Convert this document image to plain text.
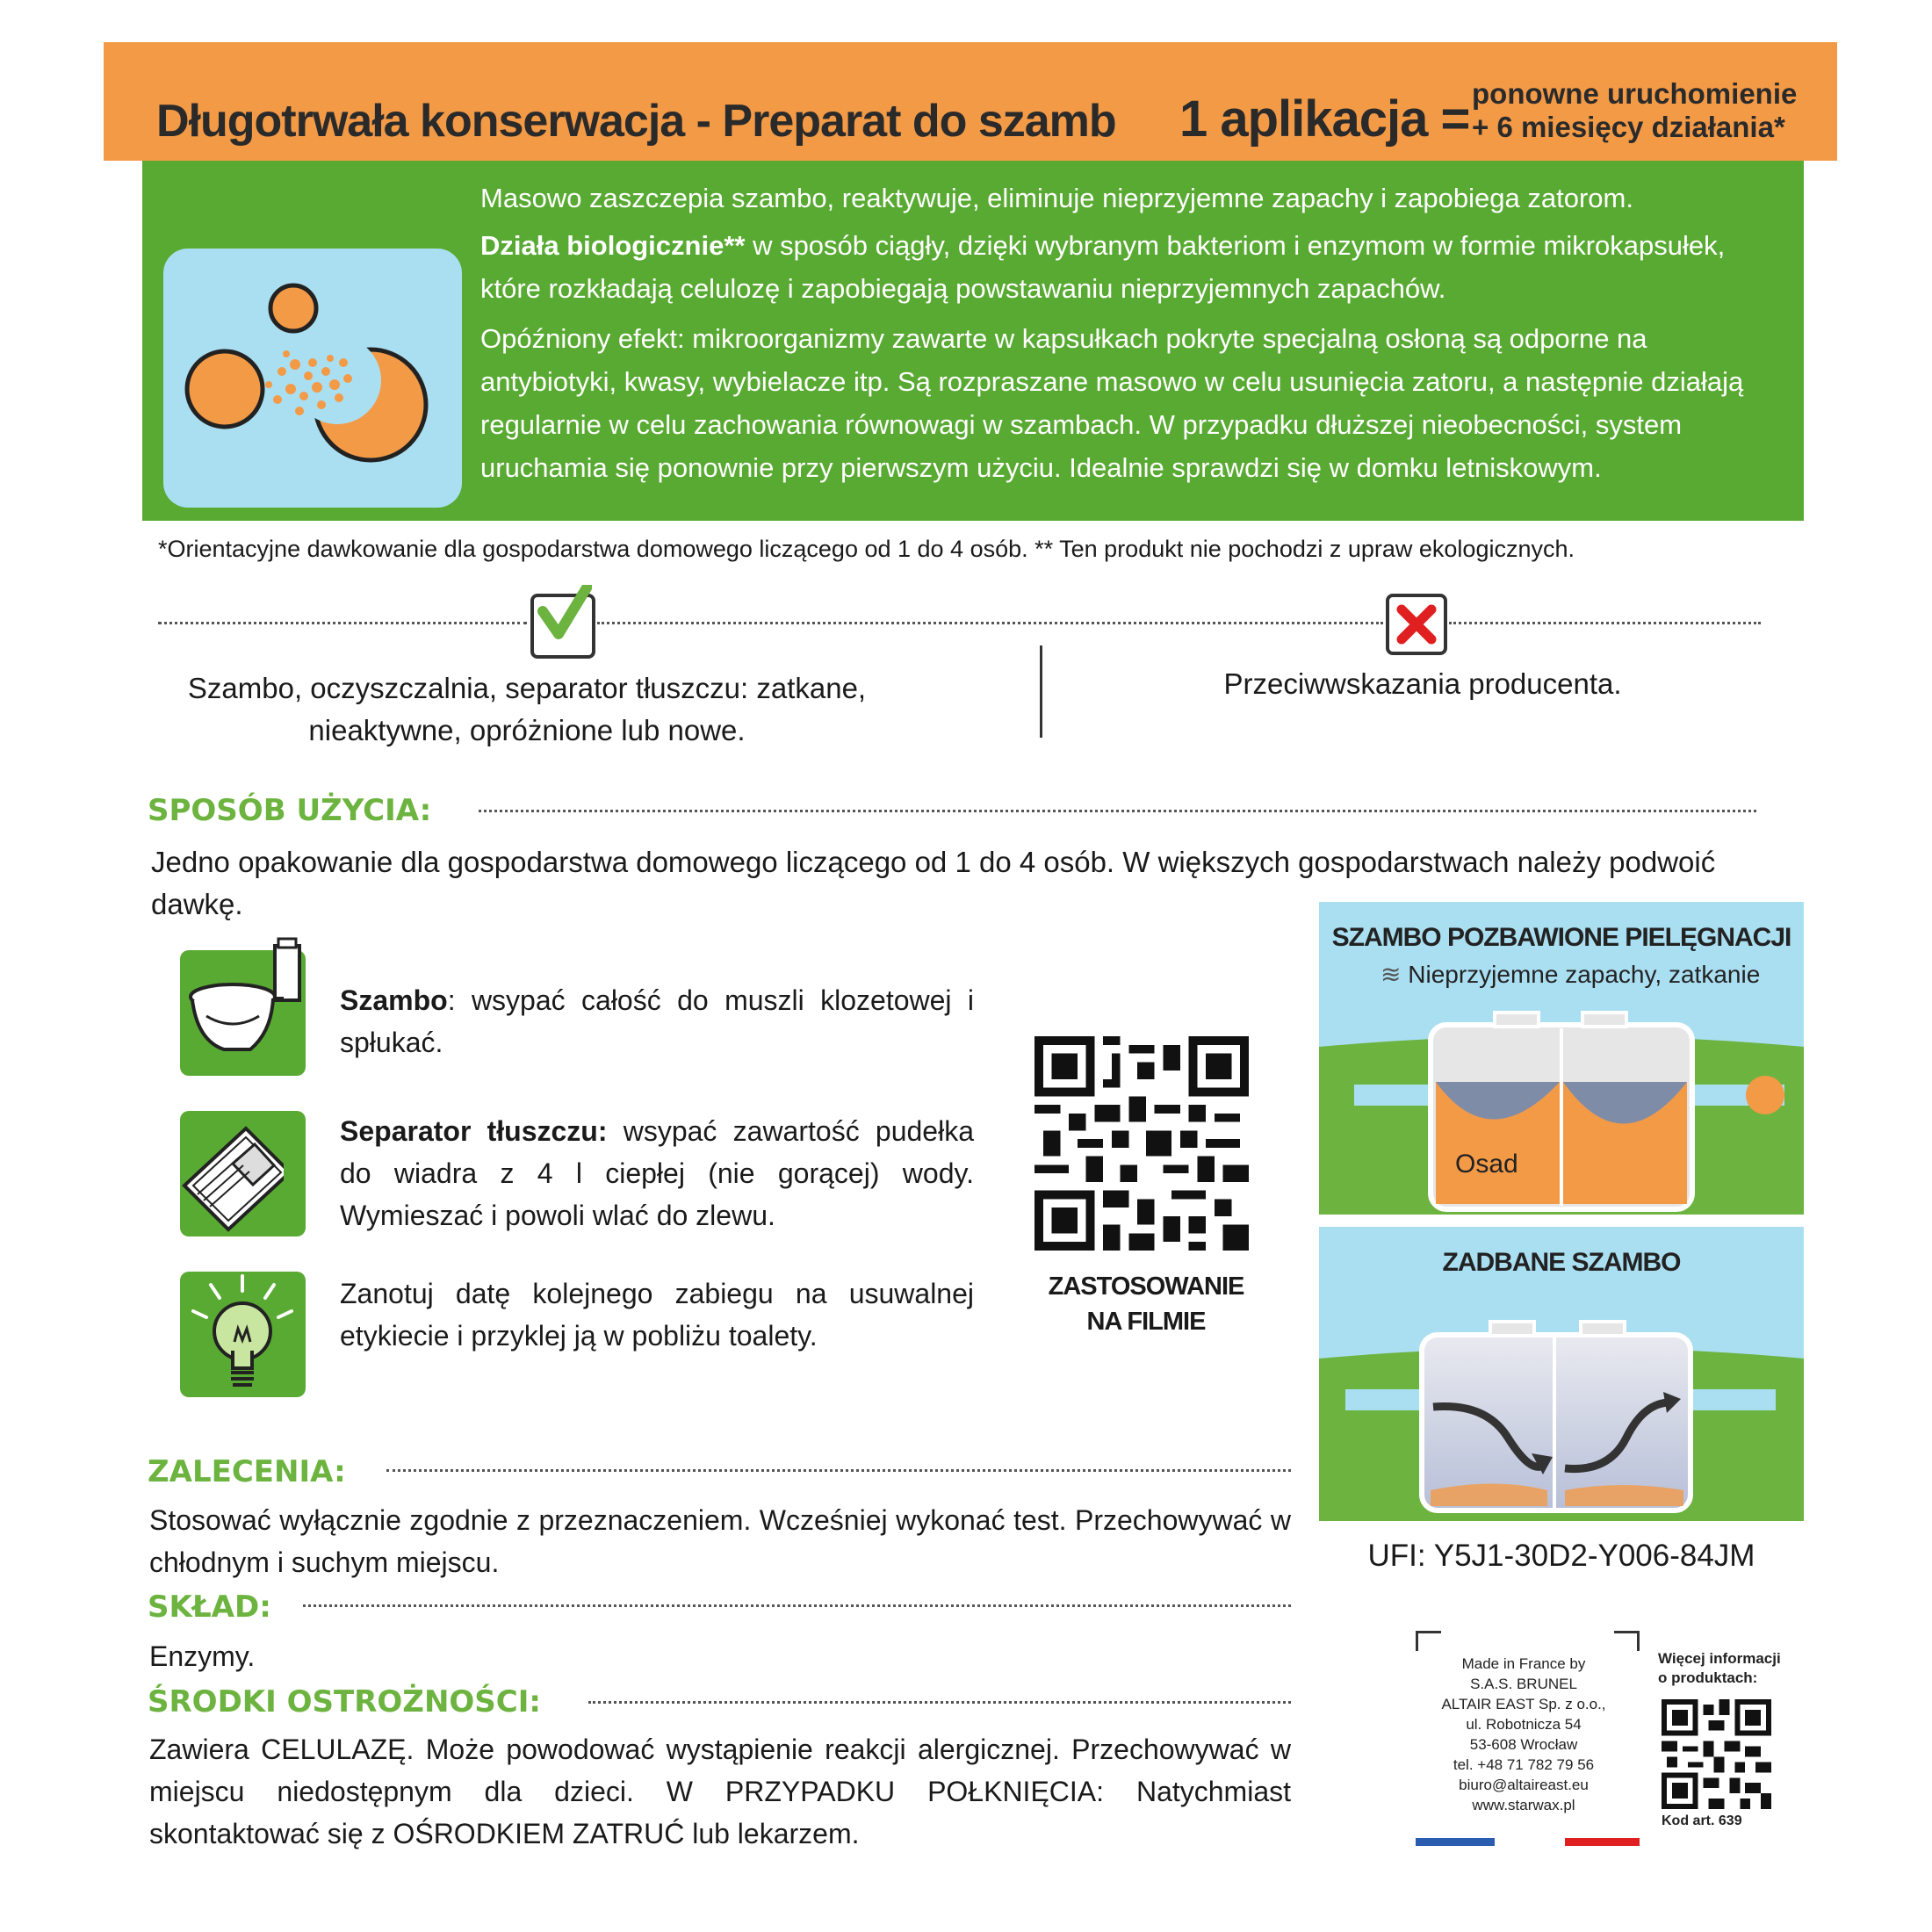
Długotrwała konserwacja - Preparat do szamb 1 aplikacja = ponowne uruchomienie
+ 6 miesięcy działania*
Masowo zaszczepia szambo, reaktywuje, eliminuje nieprzyjemne zapachy i zapobiega zatorom.
Działa biologicznie** w sposób ciągły, dzięki wybranym bakteriom i enzymom w formie mikrokapsułek, które rozkładają celulozę i zapobiegają powstawaniu nieprzyjemnych zapachów.
Opóźniony efekt: mikroorganizmy zawarte w kapsułkach pokryte specjalną osłoną są odporne na antybiotyki, kwasy, wybielacze itp. Są rozpraszane masowo w celu usunięcia zatoru, a następnie działają regularnie w celu zachowania równowagi w szambach. W przypadku dłuższej nieobecności, system uruchamia się ponownie przy pierwszym użyciu. Idealnie sprawdzi się w domku letniskowym.
*Orientacyjne dawkowanie dla gospodarstwa domowego liczącego od 1 do 4 osób. ** Ten produkt nie pochodzi z upraw ekologicznych.
Szambo, oczyszczalnia, separator tłuszczu: zatkane, nieaktywne, opróżnione lub nowe.
Przeciwwskazania producenta.
SPOSÓB UŻYCIA:
Jedno opakowanie dla gospodarstwa domowego liczącego od 1 do 4 osób. W większych gospodarstwach należy podwoić dawkę.
Szambo: wsypać całość do muszli klozetowej i spłukać.
Separator tłuszczu: wsypać zawartość pudełka do wiadra z 4 l ciepłej (nie gorącej) wody. Wymieszać i powoli wlać do zlewu.
Zanotuj datę kolejnego zabiegu na usuwalnej etykiecie i przyklej ją w pobliżu toalety.
ZASTOSOWANIE
NA FILMIE
SZAMBO POZBAWIONE PIELĘGNACJI
≋ Nieprzyjemne zapachy, zatkanie
Osad
ZADBANE SZAMBO
UFI: Y5J1-30D2-Y006-84JM
ZALECENIA:
Stosować wyłącznie zgodnie z przeznaczeniem. Wcześniej wykonać test. Przechowywać w chłodnym i suchym miejscu.
SKŁAD:
Enzymy.
ŚRODKI OSTROŻNOŚCI:
Zawiera CELULAZĘ. Może powodować wystąpienie reakcji alergicznej. Przechowywać w miejscu niedostępnym dla dzieci. W PRZYPADKU POŁKNIĘCIA: Natychmiast skontaktować się z OŚRODKIEM ZATRUĆ lub lekarzem.
Made in France by
S.A.S. BRUNEL
ALTAIR EAST Sp. z o.o.,
ul. Robotnicza 54
53-608 Wrocław
tel. +48 71 782 79 56
biuro@altaireast.eu
www.starwax.pl
Więcej informacji o produktach:
Kod art. 639
